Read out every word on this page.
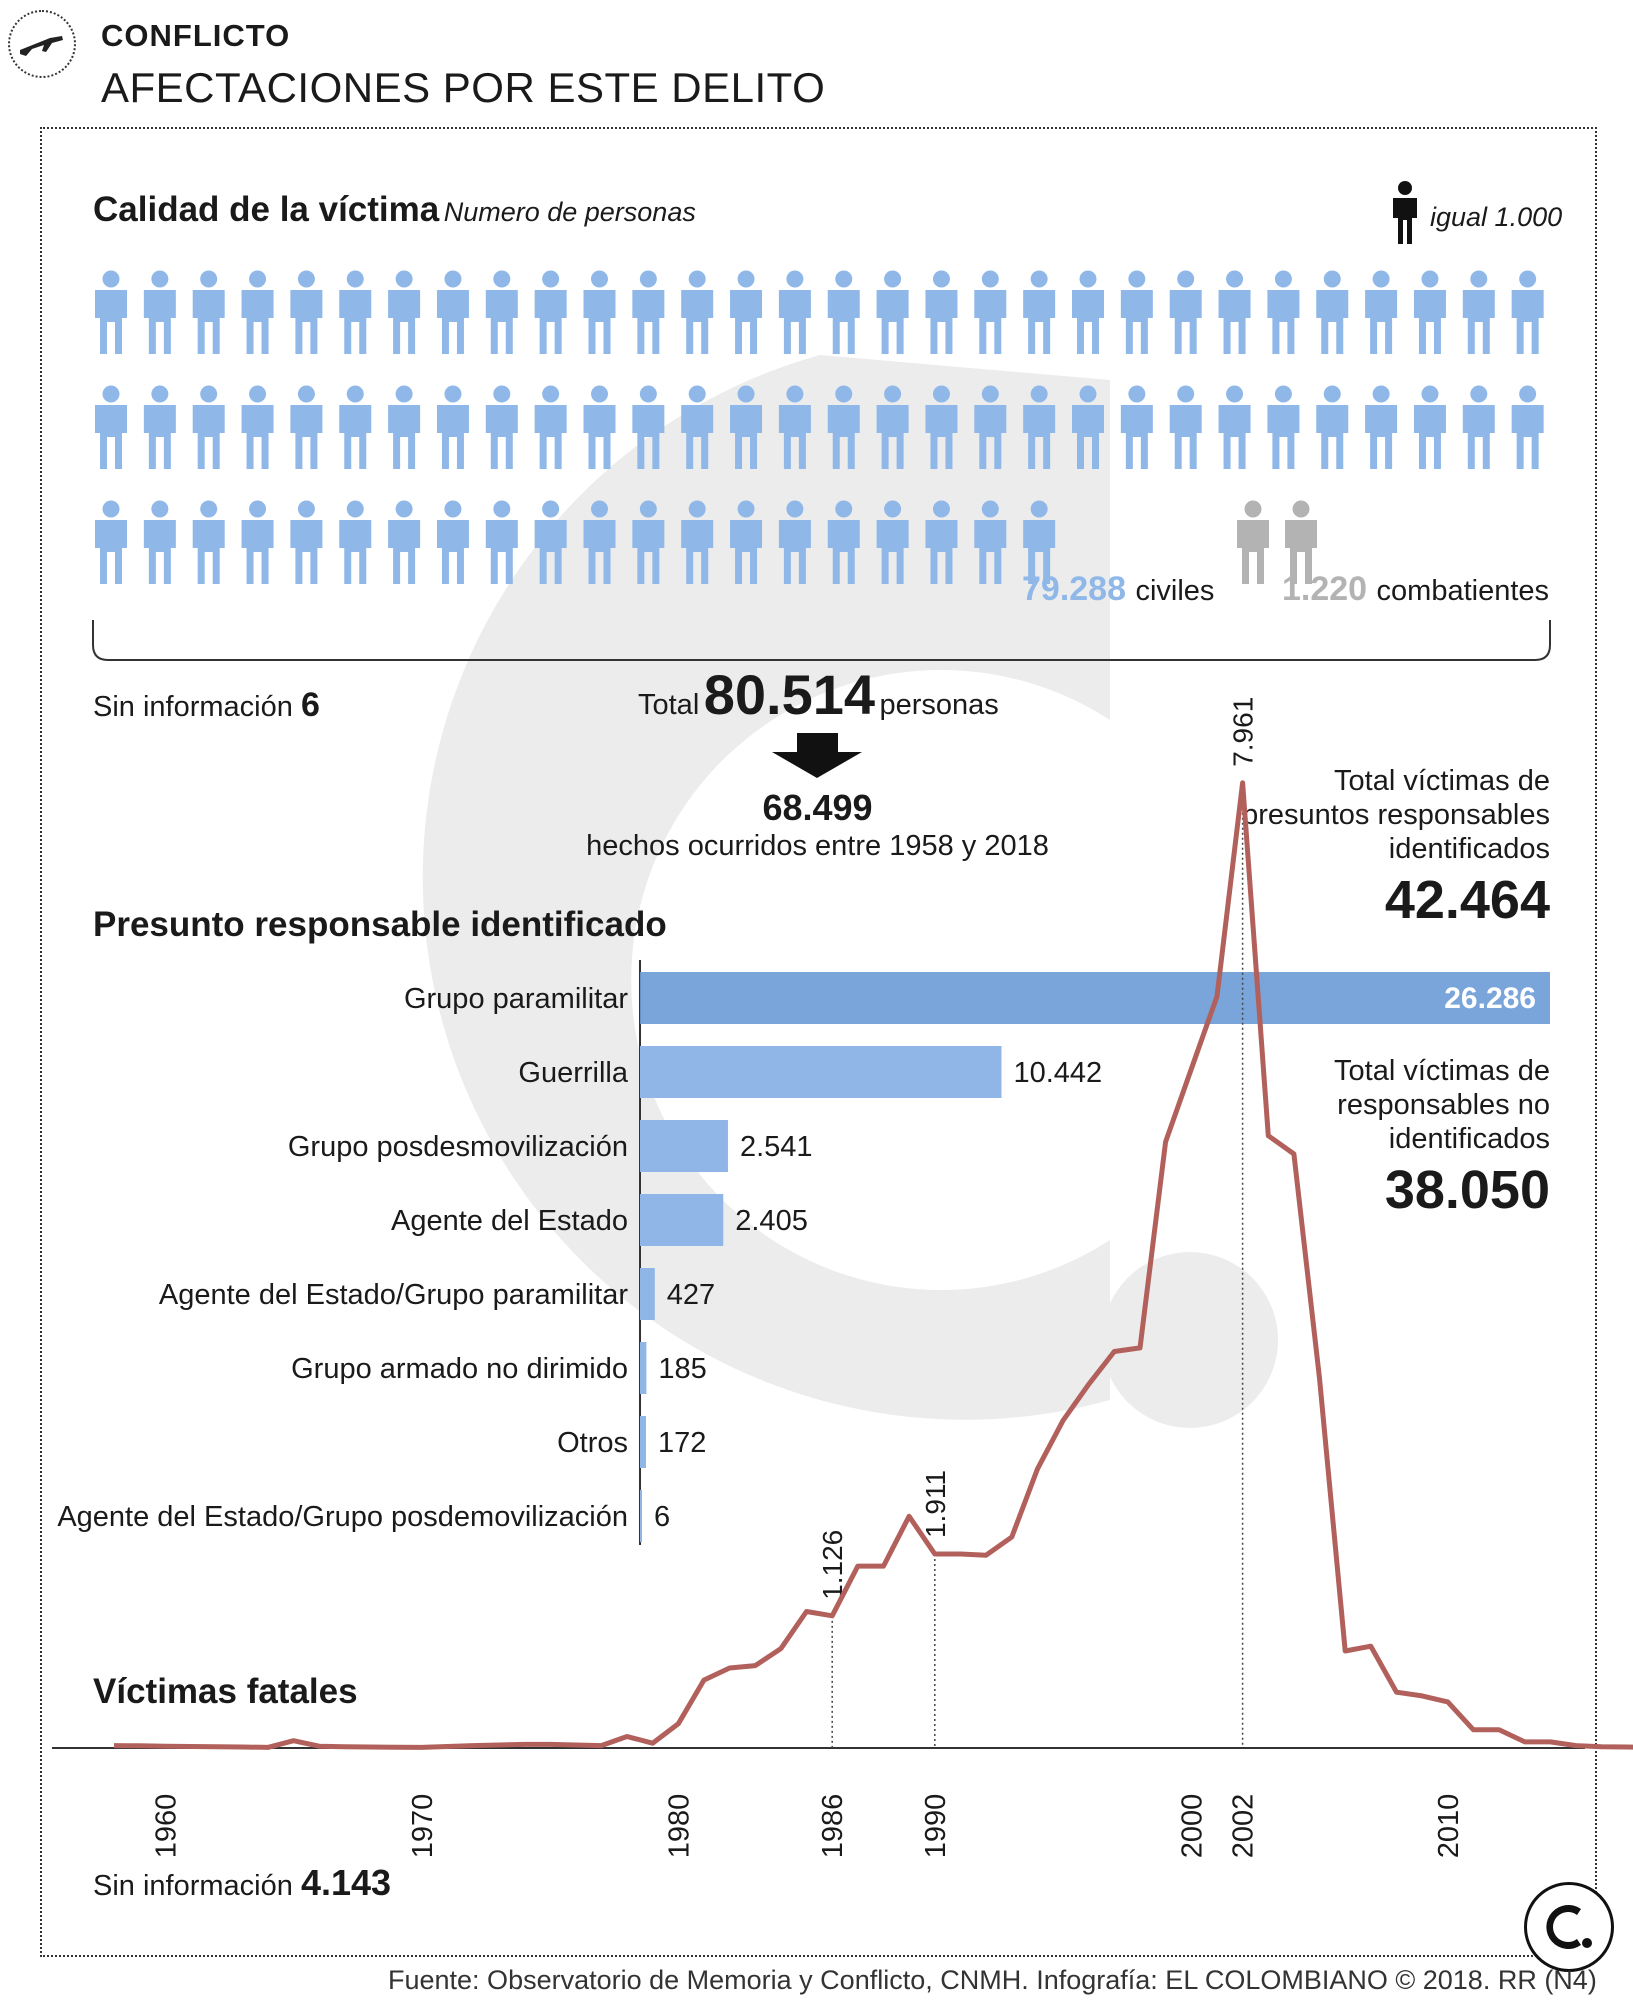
CONFLICTO
AFECTACIONES POR ESTE DELITO
Calidad de la víctima Numero de personas	igual 1.000
79.288 civiles 1.220 combatientes
Sin información 6	Total 80.514 personas
68.499
hechos ocurridos entre 1958 y 2018
Total víctimas de
presuntos responsables
identificados
42.464
Total víctimas de
responsables no
identificados
38.050
Presunto responsable identificado
Grupo paramilitar	26.286
Guerrilla	10.442
Grupo posdesmovilización	2.541
Agente del Estado	2.405
Agente del Estado/Grupo paramilitar 427
Grupo armado no dirimido 185
Otros 172
Agente del Estado/Grupo posdemovilización 6
1.126
1.911
7.961
1960	1970	1980	1986 1990	2000 2002	2010
Víctimas fatales
Sin información 4.143
Fuente: Observatorio de Memoria y Conflicto, CNMH. Infografía: EL COLOMBIANO © 2018. RR (N4)
